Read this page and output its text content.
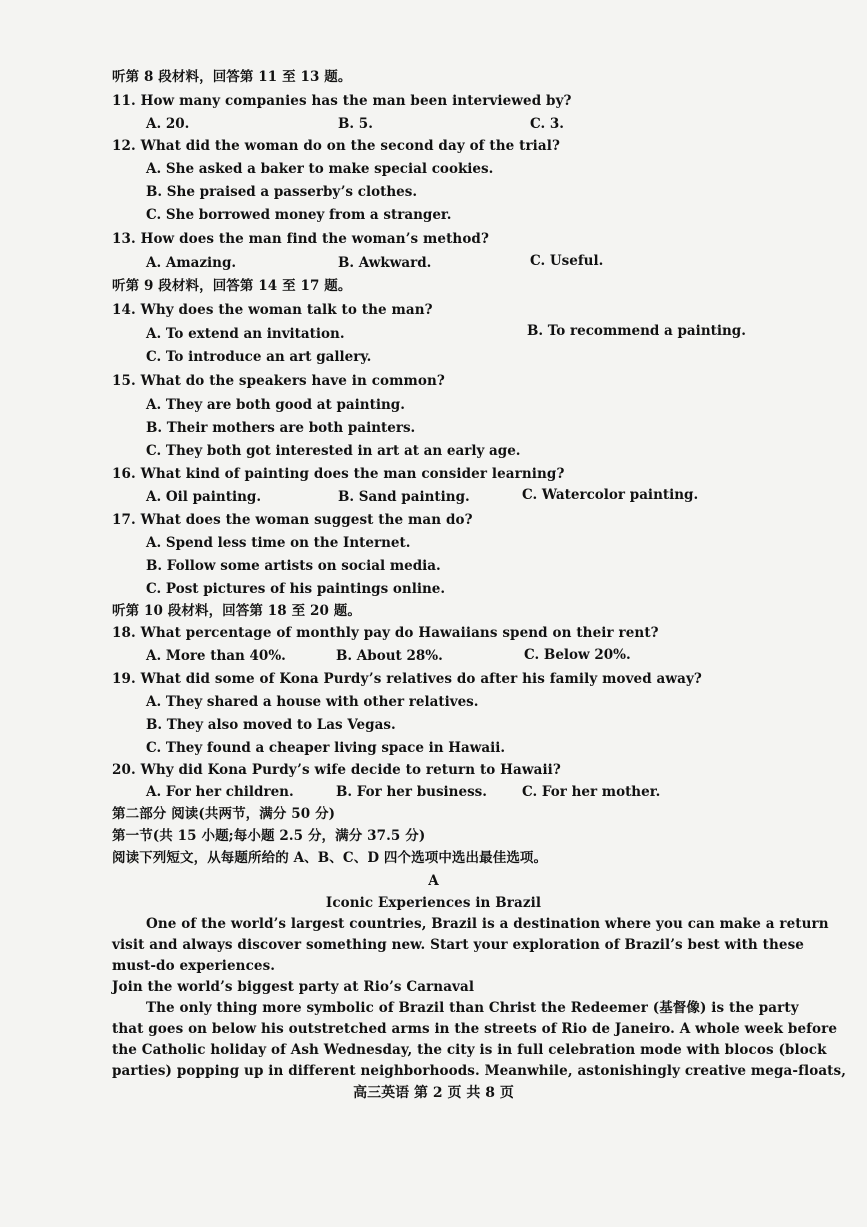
听第 8 段材料，回答第 11 至 13 题。
11. How many companies has the man been interviewed by?
A. 20.	B. 5.	C. 3.
12. What did the woman do on the second day of the trial?
A. She asked a baker to make special cookies.
B. She praised a passerby’s clothes.
C. She borrowed money from a stranger.
13. How does the man find the woman’s method?
A. Amazing.	B. Awkward.	C. Useful.
听第 9 段材料，回答第 14 至 17 题。
14. Why does the woman talk to the man?
A. To extend an invitation.	B. To recommend a painting.
C. To introduce an art gallery.
15. What do the speakers have in common?
A. They are both good at painting.
B. Their mothers are both painters.
C. They both got interested in art at an early age.
16. What kind of painting does the man consider learning?
A. Oil painting.	B. Sand painting.	C. Watercolor painting.
17. What does the woman suggest the man do?
A. Spend less time on the Internet.
B. Follow some artists on social media.
C. Post pictures of his paintings online.
听第 10 段材料，回答第 18 至 20 题。
18. What percentage of monthly pay do Hawaiians spend on their rent?
A. More than 40%.	B. About 28%.	C. Below 20%.
19. What did some of Kona Purdy’s relatives do after his family moved away?
A. They shared a house with other relatives.
B. They also moved to Las Vegas.
C. They found a cheaper living space in Hawaii.
20. Why did Kona Purdy’s wife decide to return to Hawaii?
A. For her children.	B. For her business.	C. For her mother.
第二部分 阅读(共两节，满分 50 分)
第一节(共 15 小题;每小题 2.5 分，满分 37.5 分)
阅读下列短文，从每题所给的 A、B、C、D 四个选项中选出最佳选项。
A
Iconic Experiences in Brazil
One of the world’s largest countries, Brazil is a destination where you can make a return
visit and always discover something new. Start your exploration of Brazil’s best with these
must-do experiences.
Join the world’s biggest party at Rio’s Carnaval
The only thing more symbolic of Brazil than Christ the Redeemer (基督像) is the party
that goes on below his outstretched arms in the streets of Rio de Janeiro. A whole week before
the Catholic holiday of Ash Wednesday, the city is in full celebration mode with blocos (block
parties) popping up in different neighborhoods. Meanwhile, astonishingly creative mega-floats,
高三英语 第 2 页 共 8 页
